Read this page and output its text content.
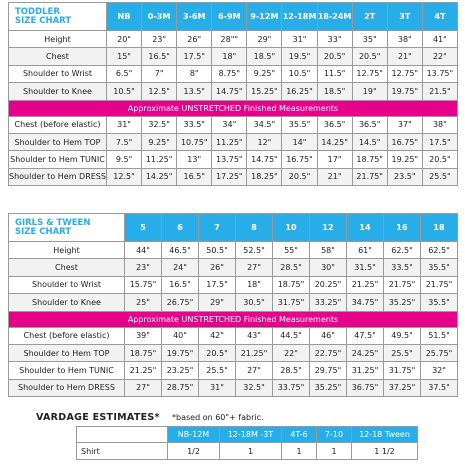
TODDLER
SIZE CHART	NB	0-3M	3-6M	6-9M	9-12M	12-18M	18-24M	2T	3T	4T
Height	20"	23"	26"	28""	29"	31"	33"	35"	38"	41"
Chest	15"	16.5"	17.5"	18"	18.5"	19.5"	20.5"	20.5"	21"	22"
Shoulder to Wrist	6.5"	7"	8"	8.75"	9.25"	10.5"	11.5"	12.75"	12.75"	13.75"
Shoulder to Knee	10.5"	12.5"	13.5"	14.75"	15.25"	16.25"	18.5"	19"	19.75"	21.5"
Approximate UNSTRETCHED Finished Measurements										
Chest (before elastic)	31"	32.5"	33.5"	34"	34.5"	35.5"	36.5"	36.5"	37"	38"
Shoulder to Hem TOP	7.5"	9.25"	10.75"	11.25"	12"	14"	14.25"	14.5"	16.75"	17.5"
Shoulder to Hem TUNIC	9.5"	11.25"	13"	13.75"	14.75"	16.75"	17"	18.75"	19.25"	20.5"
Shoulder to Hem DRESS	12.5"	14.25"	16.5"	17.25"	18.25"	20.5"	21"	21.75"	23.5"	25.5"
GIRLS & TWEEN
SIZE CHART	5	6	7	8	10	12	14	16	18
Height	44"	46.5"	50.5"	52.5"	55"	58"	61"	62.5"	62.5"
Chest	23"	24"	26"	27"	28.5"	30"	31.5"	33.5"	35.5"
Shoulder to Wrist	15.75"	16.5"	17.5"	18"	18.75"	20.25"	21.25"	21.75"	21.75"
Shoulder to Knee	25"	26.75"	29"	30.5"	31.75"	33.25"	34.75"	35.25"	35.5"
Approximate UNSTRETCHED Finished Measurements									
Chest (before elastic)	39"	40"	42"	43"	44.5"	46"	47.5"	49.5"	51.5"
Shoulder to Hem TOP	18.75"	19.75"	20.5"	21.25"	22"	22.75"	24.25"	25.5"	25.75"
Shoulder to Hem TUNIC	21.25"	23.25"	25.5"	27"	28.5"	29.75"	31.25"	31.75"	32"
Shoulder to Hem DRESS	27"	28.75"	31"	32.5"	33.75"	35.25"	36.75"	37.25"	37.5"
VARDAGE ESTIMATES* *based on 60"+ fabric.
	NB-12M	12-18M -3T	4T-6	7-10	12-18 Tween
Shirt	1/2	1	1	1	1 1/2
